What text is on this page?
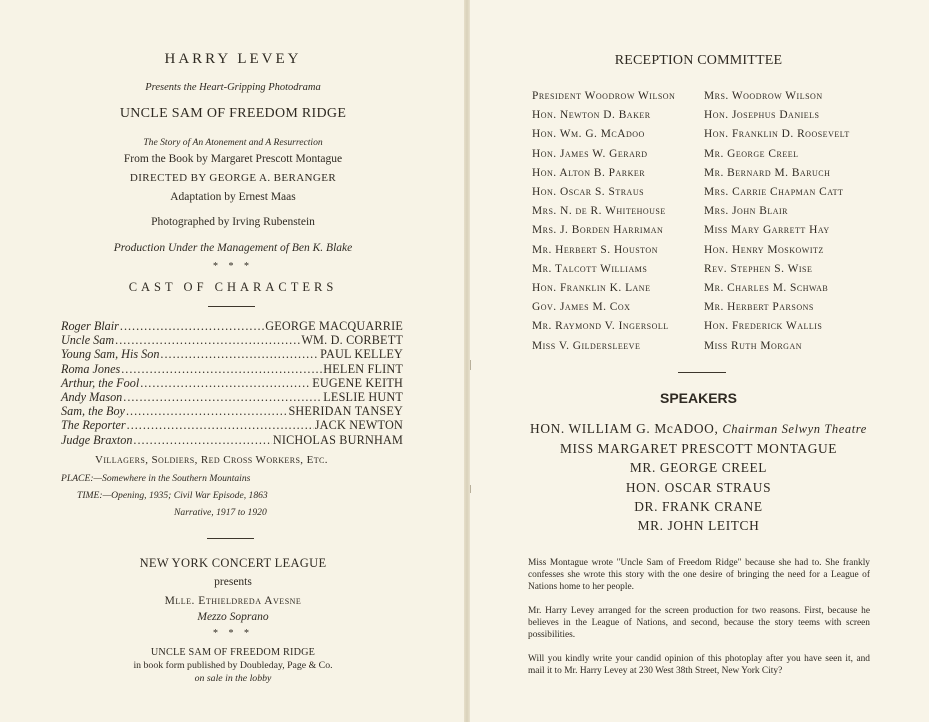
HARRY LEVEY
Presents the Heart-Gripping Photodrama
UNCLE SAM OF FREEDOM RIDGE
The Story of An Atonement and A Resurrection
From the Book by Margaret Prescott Montague
DIRECTED BY GEORGE A. BERANGER
Adaptation by Ernest Maas
Photographed by Irving Rubenstein
Production Under the Management of Ben K. Blake
* * *
CAST OF CHARACTERS
Roger Blair .....	GEORGE MACQUARRIE
Uncle Sam .....	WM. D. CORBETT
Young Sam, His Son .....	PAUL KELLEY
Roma Jones .....	HELEN FLINT
Arthur, the Fool .....	EUGENE KEITH
Andy Mason .....	LESLIE HUNT
Sam, the Boy .....	SHERIDAN TANSEY
The Reporter .....	JACK NEWTON
Judge Braxton .....	NICHOLAS BURNHAM
Villagers, Soldiers, Red Cross Workers, Etc.
PLACE:—Somewhere in the Southern Mountains
TIME:—Opening, 1935; Civil War Episode, 1863
Narrative, 1917 to 1920
NEW YORK CONCERT LEAGUE
presents
Mlle. Ethieldreda Avesne
Mezzo Soprano
* * *
UNCLE SAM OF FREEDOM RIDGE
in book form published by Doubleday, Page & Co.
on sale in the lobby
RECEPTION COMMITTEE
President Woodrow Wilson
Hon. Newton D. Baker
Hon. Wm. G. McAdoo
Hon. James W. Gerard
Hon. Alton B. Parker
Hon. Oscar S. Straus
Mrs. N. de R. Whitehouse
Mrs. J. Borden Harriman
Mr. Herbert S. Houston
Mr. Talcott Williams
Hon. Franklin K. Lane
Gov. James M. Cox
Mr. Raymond V. Ingersoll
Miss V. Gildersleeve
Mrs. Woodrow Wilson
Hon. Josephus Daniels
Hon. Franklin D. Roosevelt
Mr. George Creel
Mr. Bernard M. Baruch
Mrs. Carrie Chapman Catt
Mrs. John Blair
Miss Mary Garrett Hay
Hon. Henry Moskowitz
Rev. Stephen S. Wise
Mr. Charles M. Schwab
Mr. Herbert Parsons
Hon. Frederick Wallis
Miss Ruth Morgan
SPEAKERS
HON. WILLIAM G. McADOO, Chairman Selwyn Theatre
MISS MARGARET PRESCOTT MONTAGUE
MR. GEORGE CREEL
HON. OSCAR STRAUS
DR. FRANK CRANE
MR. JOHN LEITCH
Miss Montague wrote "Uncle Sam of Freedom Ridge" because she had to. She frankly confesses she wrote this story with the one desire of bringing the need for a League of Nations home to her people.
Mr. Harry Levey arranged for the screen production for two reasons. First, because he believes in the League of Nations, and second, because the story teems with screen possibilities.
Will you kindly write your candid opinion of this photoplay after you have seen it, and mail it to Mr. Harry Levey at 230 West 38th Street, New York City?
